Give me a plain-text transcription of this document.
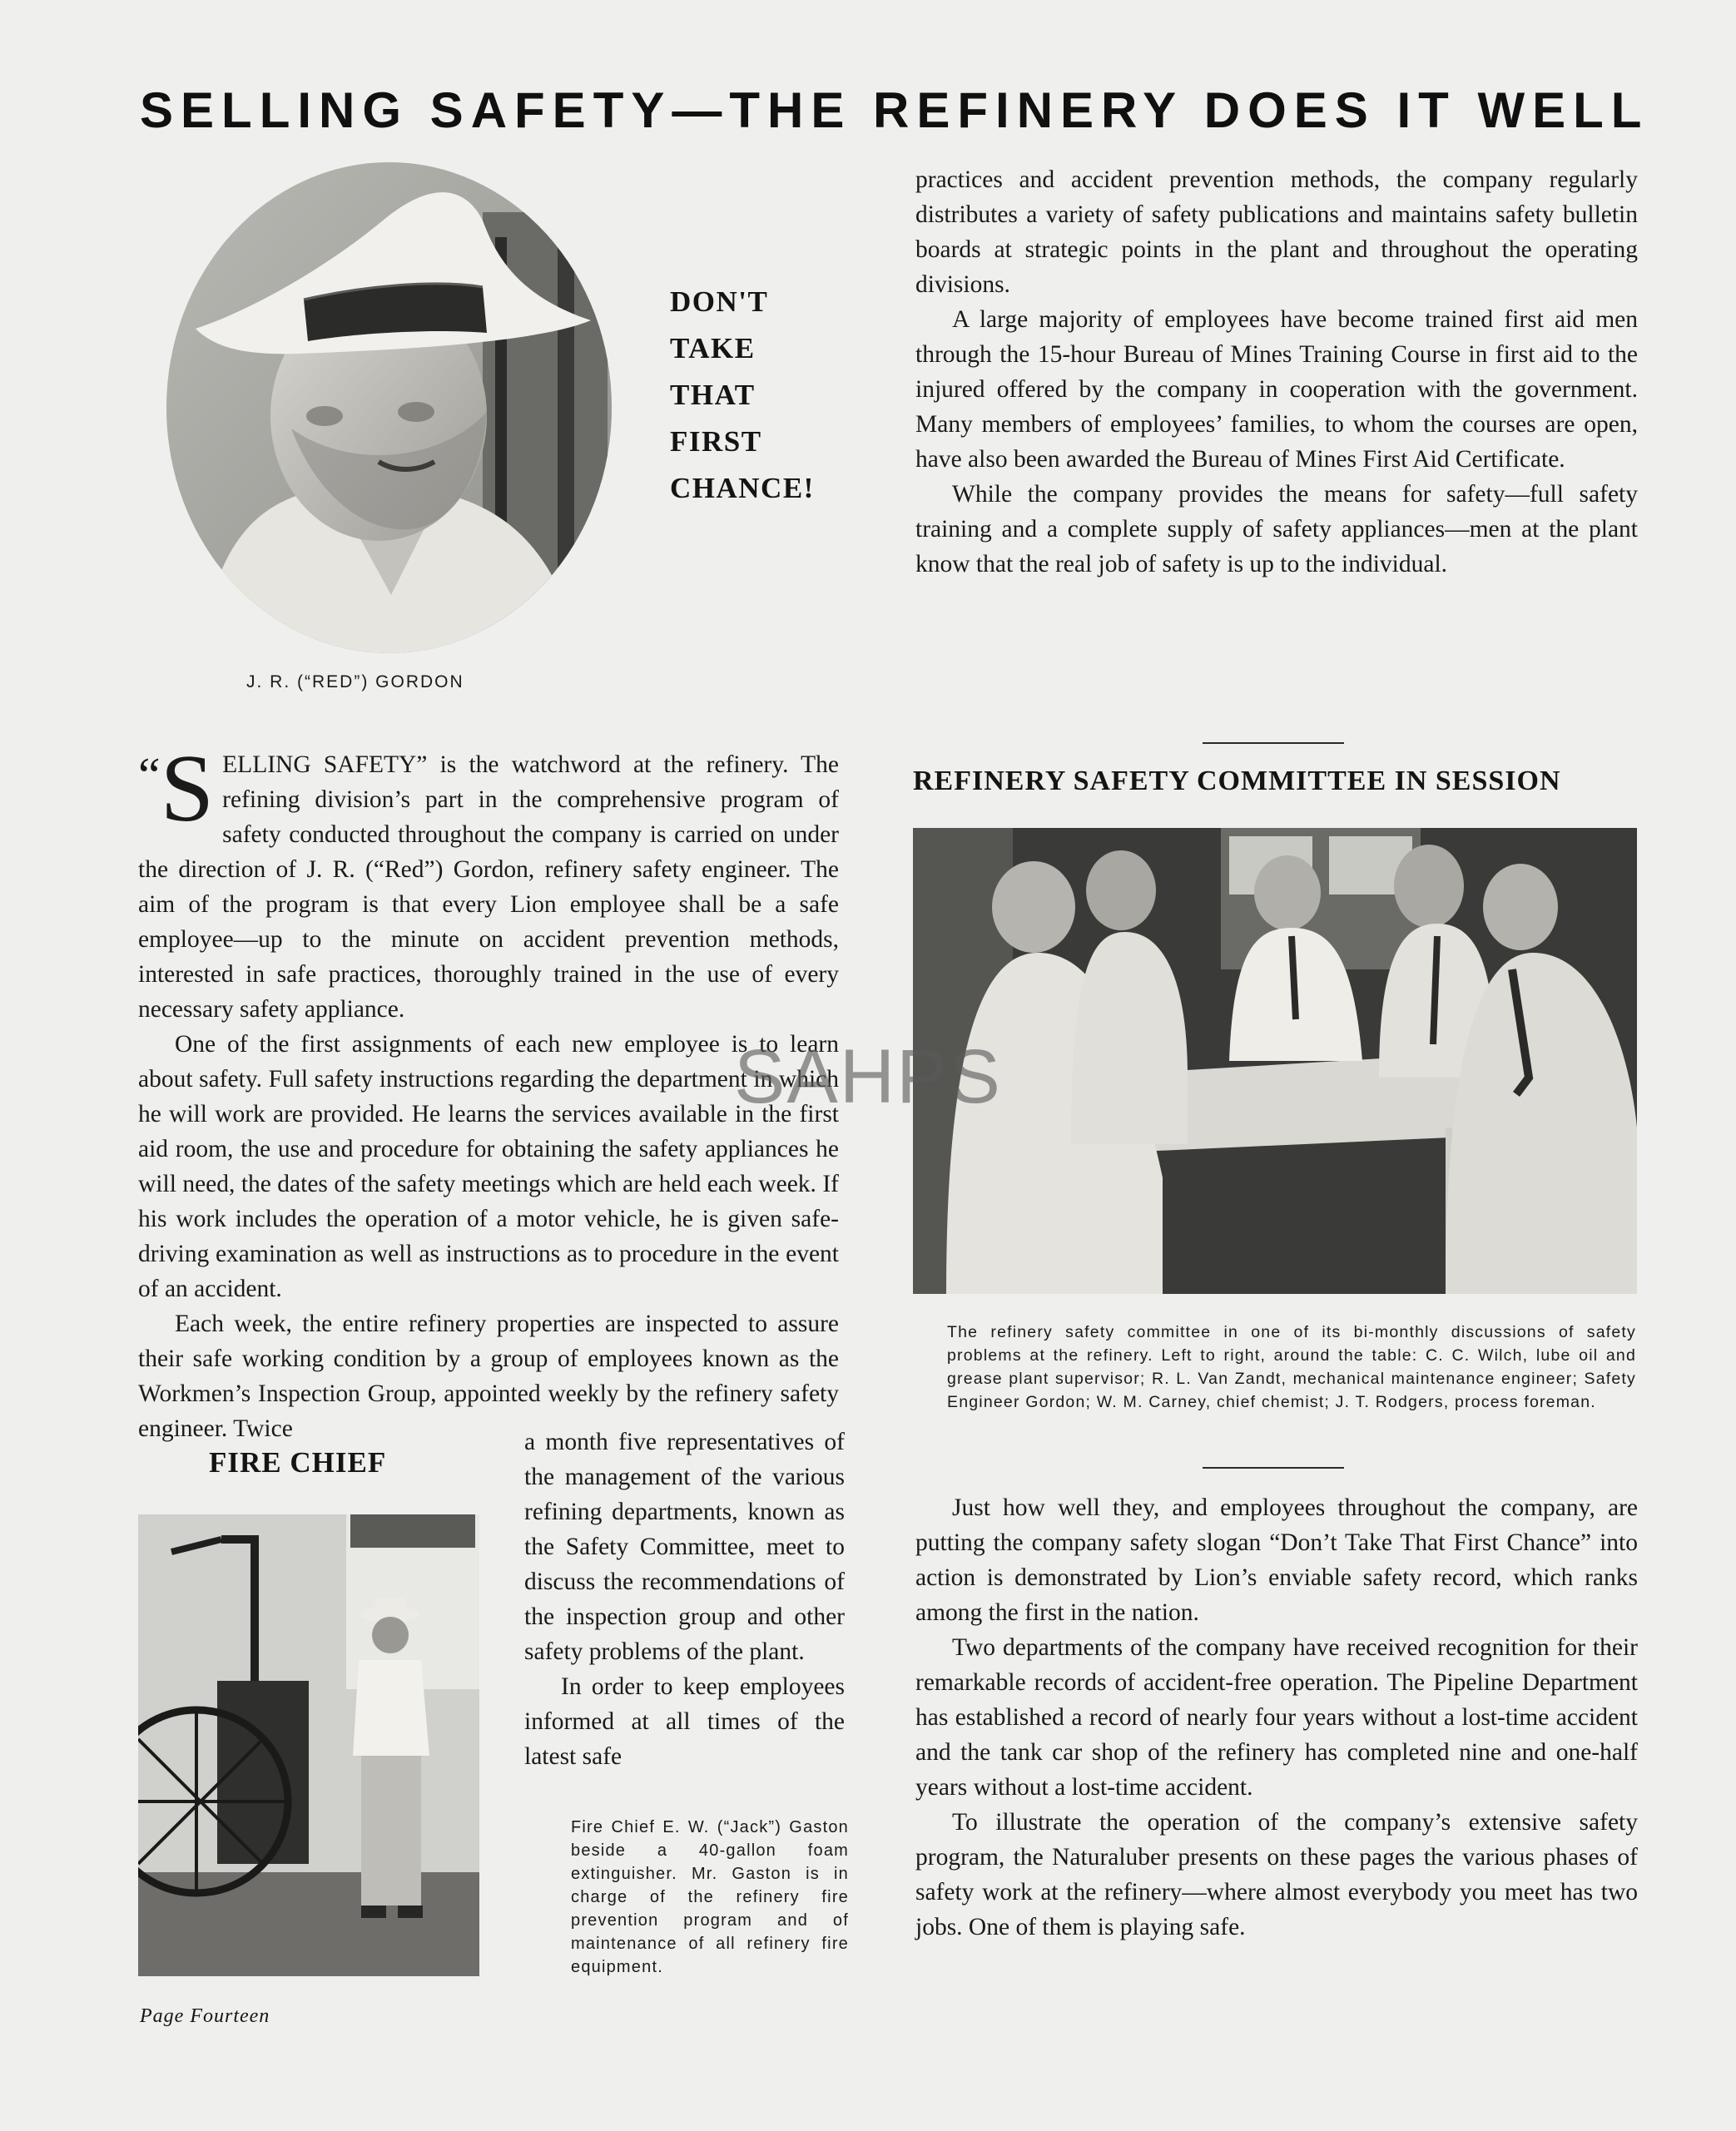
SELLING SAFETY—THE REFINERY DOES IT WELL
DON'T
TAKE
THAT
FIRST
CHANCE!
J. R. (“RED”) GORDON

“S ELLING SAFETY” is the watchword at the refinery. The refining division’s part in the comprehensive program of safety conducted throughout the company is carried on under the direction of J. R. (“Red”) Gordon, refinery safety engineer. The aim of the program is that every Lion employee shall be a safe employee—up to the minute on accident prevention methods, interested in safe practices, thoroughly trained in the use of every necessary safety appliance.

One of the first assignments of each new employee is to learn about safety. Full safety instructions regarding the department in which he will work are provided. He learns the services available in the first aid room, the use and procedure for obtaining the safety appliances he will need, the dates of the safety meetings which are held each week. If his work includes the operation of a motor vehicle, he is given safe-driving examination as well as instructions as to procedure in the event of an accident.

Each week, the entire refinery properties are inspected to assure their safe working condition by a group of employees known as the Workmen’s Inspection Group, appointed weekly by the refinery safety engineer. Twice	a month five representatives of the management of the various refining departments, known as the Safety Committee, meet to discuss the recommendations of the inspection group and other safety problems of the plant.

In order to keep employees informed at all times of the latest safe

FIRE CHIEF
Fire Chief E. W. (“Jack”) Gaston beside a 40-gallon foam extinguisher. Mr. Gaston is in charge of the refinery fire prevention program and of maintenance of all refinery fire equipment.

practices and accident prevention methods, the company regularly distributes a variety of safety publications and maintains safety bulletin boards at strategic points in the plant and throughout the operating divisions.

A large majority of employees have become trained first aid men through the 15-hour Bureau of Mines Training Course in first aid to the injured offered by the company in cooperation with the government. Many members of employees’ families, to whom the courses are open, have also been awarded the Bureau of Mines First Aid Certificate.

While the company provides the means for safety—full safety training and a complete supply of safety appliances—men at the plant know that the real job of safety is up to the individual.

REFINERY SAFETY COMMITTEE IN SESSION
The refinery safety committee in one of its bi-monthly discussions of safety problems at the refinery. Left to right, around the table: C. C. Wilch, lube oil and grease plant supervisor; R. L. Van Zandt, mechanical maintenance engineer; Safety Engineer Gordon; W. M. Carney, chief chemist; J. T. Rodgers, process foreman.

Just how well they, and employees throughout the company, are putting the company safety slogan “Don’t Take That First Chance” into action is demonstrated by Lion’s enviable safety record, which ranks among the first in the nation.

Two departments of the company have received recognition for their remarkable records of accident-free operation. The Pipeline Department has established a record of nearly four years without a lost-time accident and the tank car shop of the refinery has completed nine and one-half years without a lost-time accident.

To illustrate the operation of the company’s extensive safety program, the Naturaluber presents on these pages the various phases of safety work at the refinery—where almost everybody you meet has two jobs. One of them is playing safe.

SAHPS
Page Fourteen
